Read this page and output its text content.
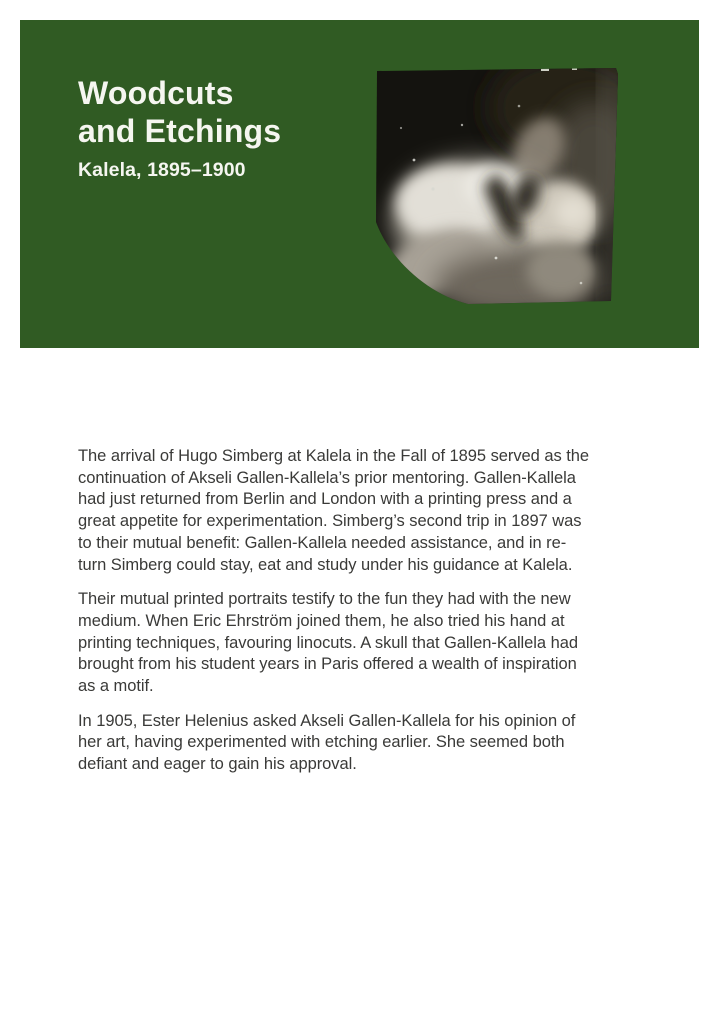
Woodcuts
and Etchings

Kalela, 1895–1900

The arrival of Hugo Simberg at Kalela in the Fall of 1895 served as the
continuation of Akseli Gallen-Kallela’s prior mentoring. Gallen-Kallela
had just returned from Berlin and London with a printing press and a
great appetite for experimentation. Simberg’s second trip in 1897 was
to their mutual benefit: Gallen-Kallela needed assistance, and in re-
turn Simberg could stay, eat and study under his guidance at Kalela.

Their mutual printed portraits testify to the fun they had with the new
medium. When Eric Ehrström joined them, he also tried his hand at
printing techniques, favouring linocuts. A skull that Gallen-Kallela had
brought from his student years in Paris offered a wealth of inspiration
as a motif.

In 1905, Ester Helenius asked Akseli Gallen-Kallela for his opinion of
her art, having experimented with etching earlier. She seemed both
defiant and eager to gain his approval.
